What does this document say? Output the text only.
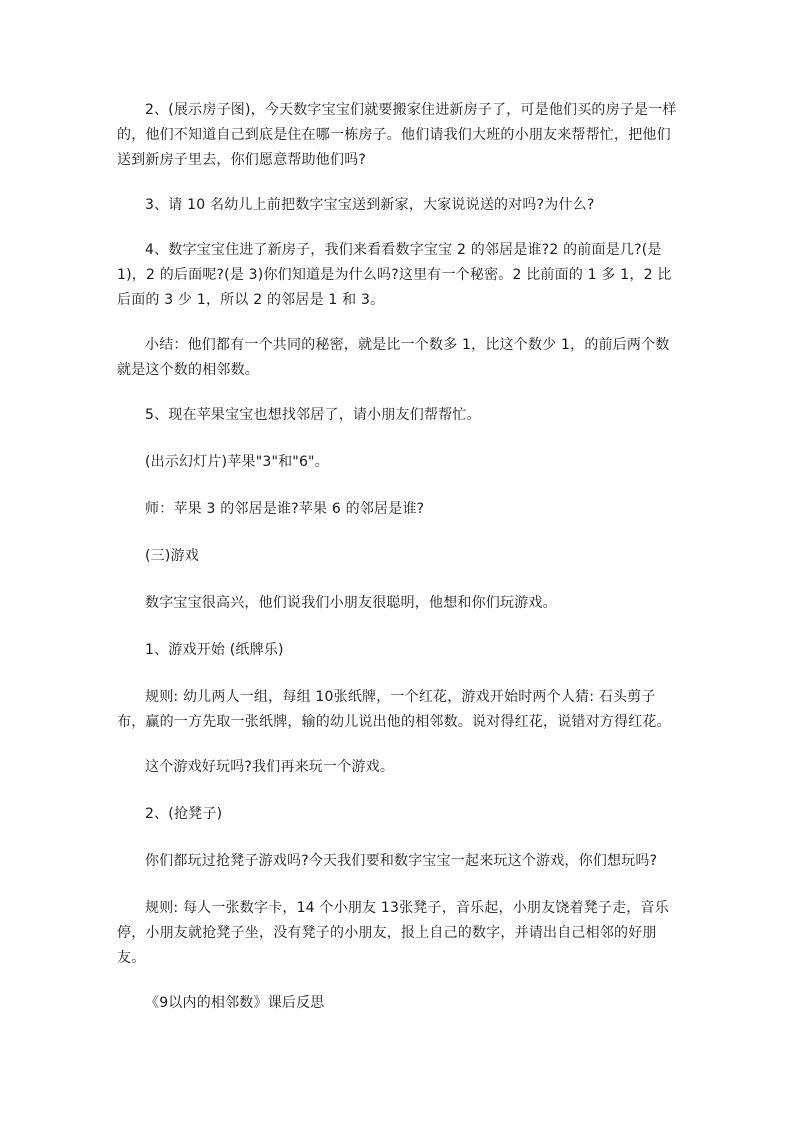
2、(展示房子图)，今天数字宝宝们就要搬家住进新房子了，可是他们买的房子是一样的，他们不知道自己到底是住在哪一栋房子。他们请我们大班的小朋友来帮帮忙，把他们送到新房子里去，你们愿意帮助他们吗?

3、请 10 名幼儿上前把数字宝宝送到新家，大家说说送的对吗?为什么?

4、数字宝宝住进了新房子，我们来看看数字宝宝 2 的邻居是谁?2 的前面是几?(是 1)，2 的后面呢?(是 3)你们知道是为什么吗?这里有一个秘密。2 比前面的 1 多 1，2 比后面的 3 少 1，所以 2 的邻居是 1 和 3。

小结：他们都有一个共同的秘密，就是比一个数多 1，比这个数少 1，的前后两个数就是这个数的相邻数。

5、现在苹果宝宝也想找邻居了，请小朋友们帮帮忙。

(出示幻灯片)苹果"3"和"6"。

师：苹果 3 的邻居是谁?苹果 6 的邻居是谁?

(三)游戏

数字宝宝很高兴，他们说我们小朋友很聪明，他想和你们玩游戏。

1、游戏开始 (纸牌乐)

规则: 幼儿两人一组，每组 10张纸牌，一个红花，游戏开始时两个人猜: 石头剪子布，赢的一方先取一张纸牌，输的幼儿说出他的相邻数。说对得红花，说错对方得红花。

这个游戏好玩吗?我们再来玩一个游戏。

2、(抢凳子)

你们都玩过抢凳子游戏吗?今天我们要和数字宝宝一起来玩这个游戏，你们想玩吗?

规则: 每人一张数字卡，14 个小朋友 13张凳子，音乐起，小朋友饶着凳子走，音乐停，小朋友就抢凳子坐，没有凳子的小朋友，报上自己的数字，并请出自己相邻的好朋友。

《9以内的相邻数》课后反思
